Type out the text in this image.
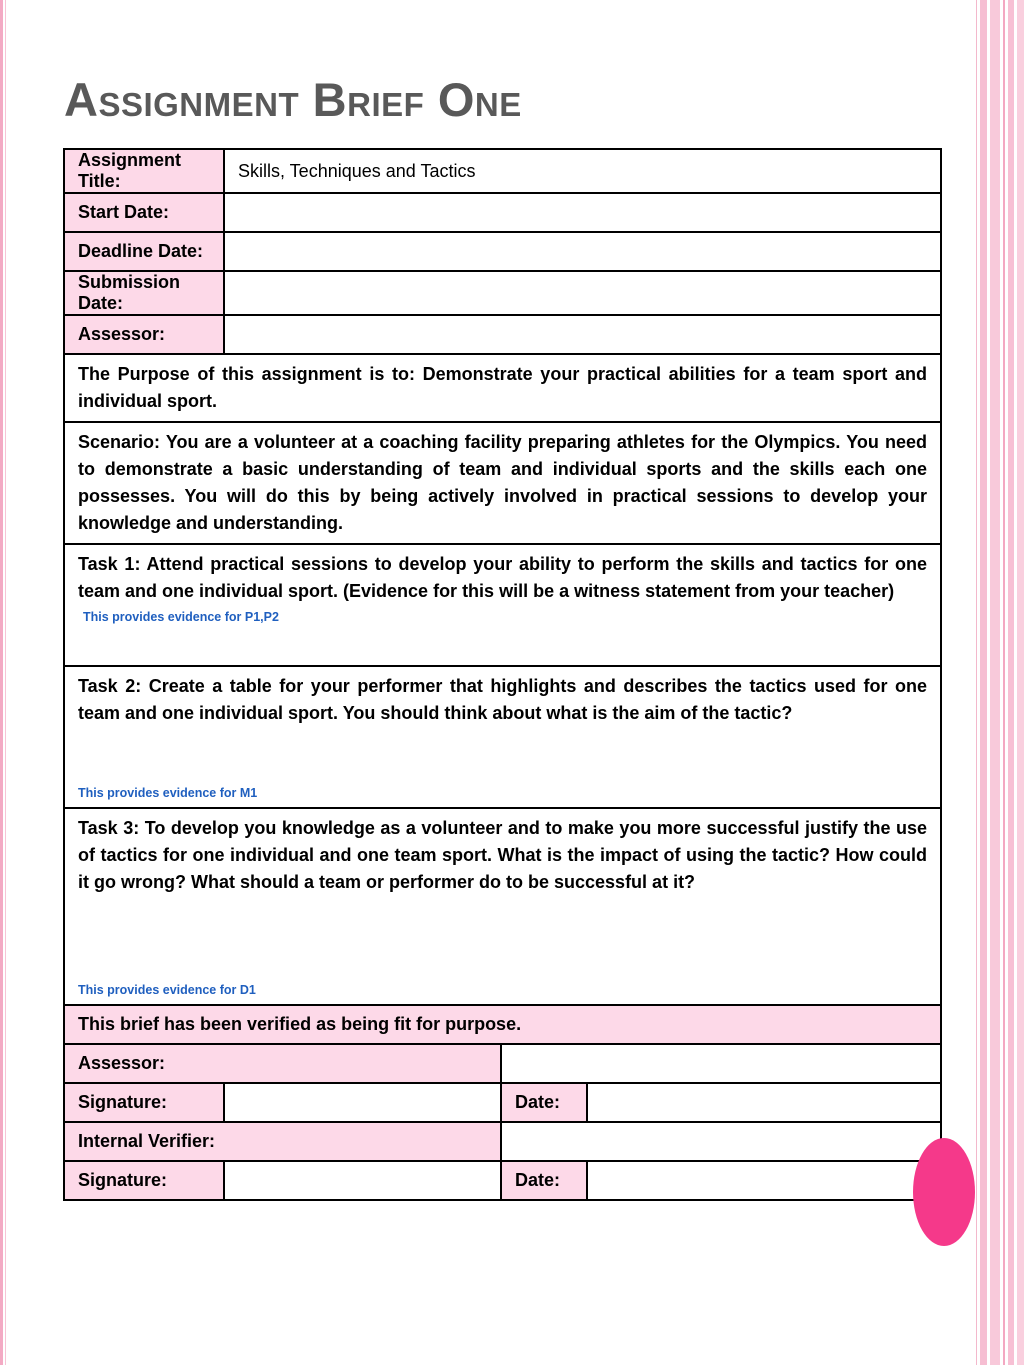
Assignment Brief One
Assignment Title:	Skills, Techniques and Tactics		
Start Date:			
Deadline Date:			
Submission Date:			
Assessor:			
The Purpose of this assignment is to: Demonstrate your practical abilities for a team sport and individual sport.			
Scenario: You are a volunteer at a coaching facility preparing athletes for the Olympics. You need to demonstrate a basic understanding of team and individual sports and the skills each one possesses. You will do this by being actively involved in practical sessions to develop your knowledge and understanding.			
Task 1: Attend practical sessions to develop your ability to perform the skills and tactics for one team and one individual sport. (Evidence for this will be a witness statement from your teacher)
This provides evidence for P1,P2			

Task 2: Create a table for your performer that highlights and describes the tactics used for one team and one individual sport. You should think about what is the aim of the tactic?
This provides evidence for M1			

Task 3: To develop you knowledge as a volunteer and to make you more successful justify the use of tactics for one individual and one team sport. What is the impact of using the tactic? How could it go wrong? What should a team or performer do to be successful at it?
This provides evidence for D1			

This brief has been verified as being fit for purpose.			
Assessor:			
Signature:		Date:	
Internal Verifier:			
Signature:		Date:	
